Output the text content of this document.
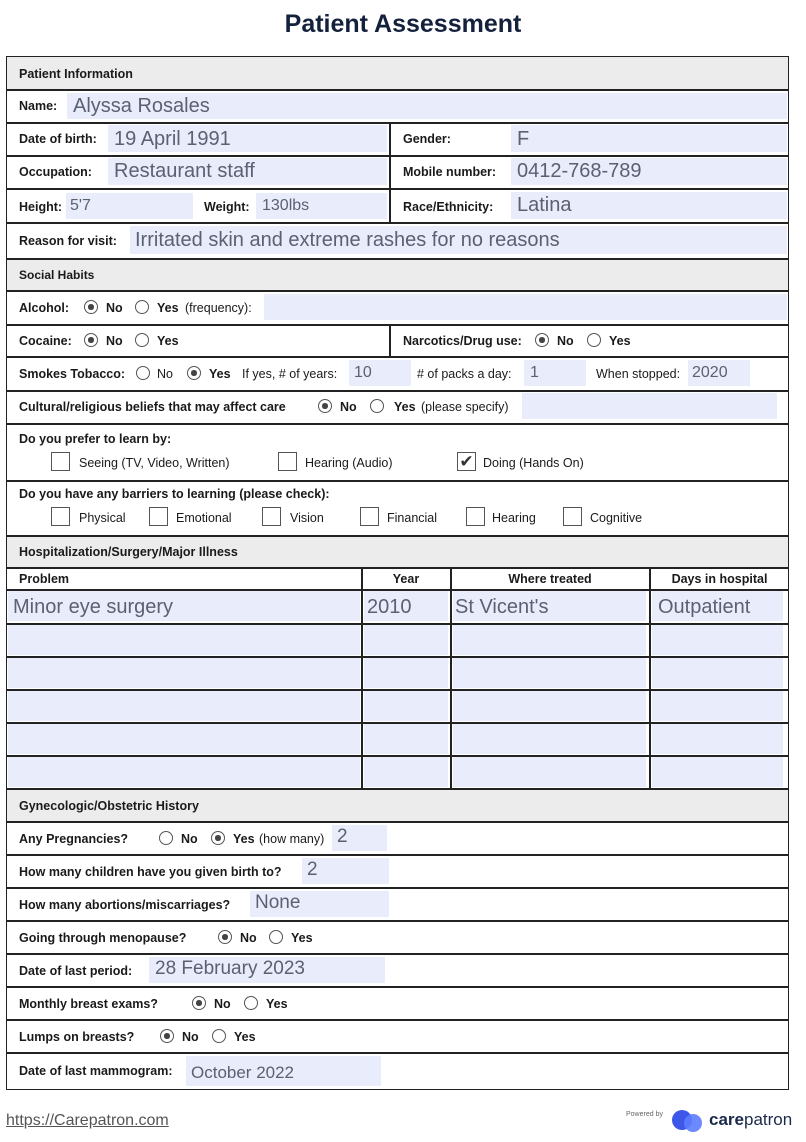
Patient Assessment
Patient Information
Name: Alyssa Rosales
Date of birth: 19 April 1991	Gender:	F
Occupation: Restaurant staff	Mobile number: 0412-768-789
Height: 5'7	Weight: 130lbs	Race/Ethnicity: Latina
Reason for visit: Irritated skin and extreme rashes for no reasons
Social Habits
Alcohol:	No	Yes (frequency):
Cocaine:	No	Yes	Narcotics/Drug use:	No	Yes
Smokes Tobacco:	No	Yes If yes, # of years: 10	# of packs a day: 1	When stopped: 2020
Cultural/religious beliefs that may affect care	No	Yes (please specify)
Do you prefer to learn by:
Seeing (TV, Video, Written)	Hearing (Audio)	✔ Doing (Hands On)
Do you have any barriers to learning (please check):
Physical	Emotional	Vision	Financial	Hearing	Cognitive
Hospitalization/Surgery/Major Illness
Problem	Year	Where treated	Days in hospital
Minor eye surgery	2010 St Vicent's	Outpatient
Gynecologic/Obstetric History
Any Pregnancies?	No	Yes (how many) 2
How many children have you given birth to? 2
How many abortions/miscarriages? None
Going through menopause?	No	Yes
Date of last period: 28 February 2023
Monthly breast exams?	No	Yes
Lumps on breasts?	No	Yes
Date of last mammogram: October 2022
https://Carepatron.com	Powered by	carepatron
